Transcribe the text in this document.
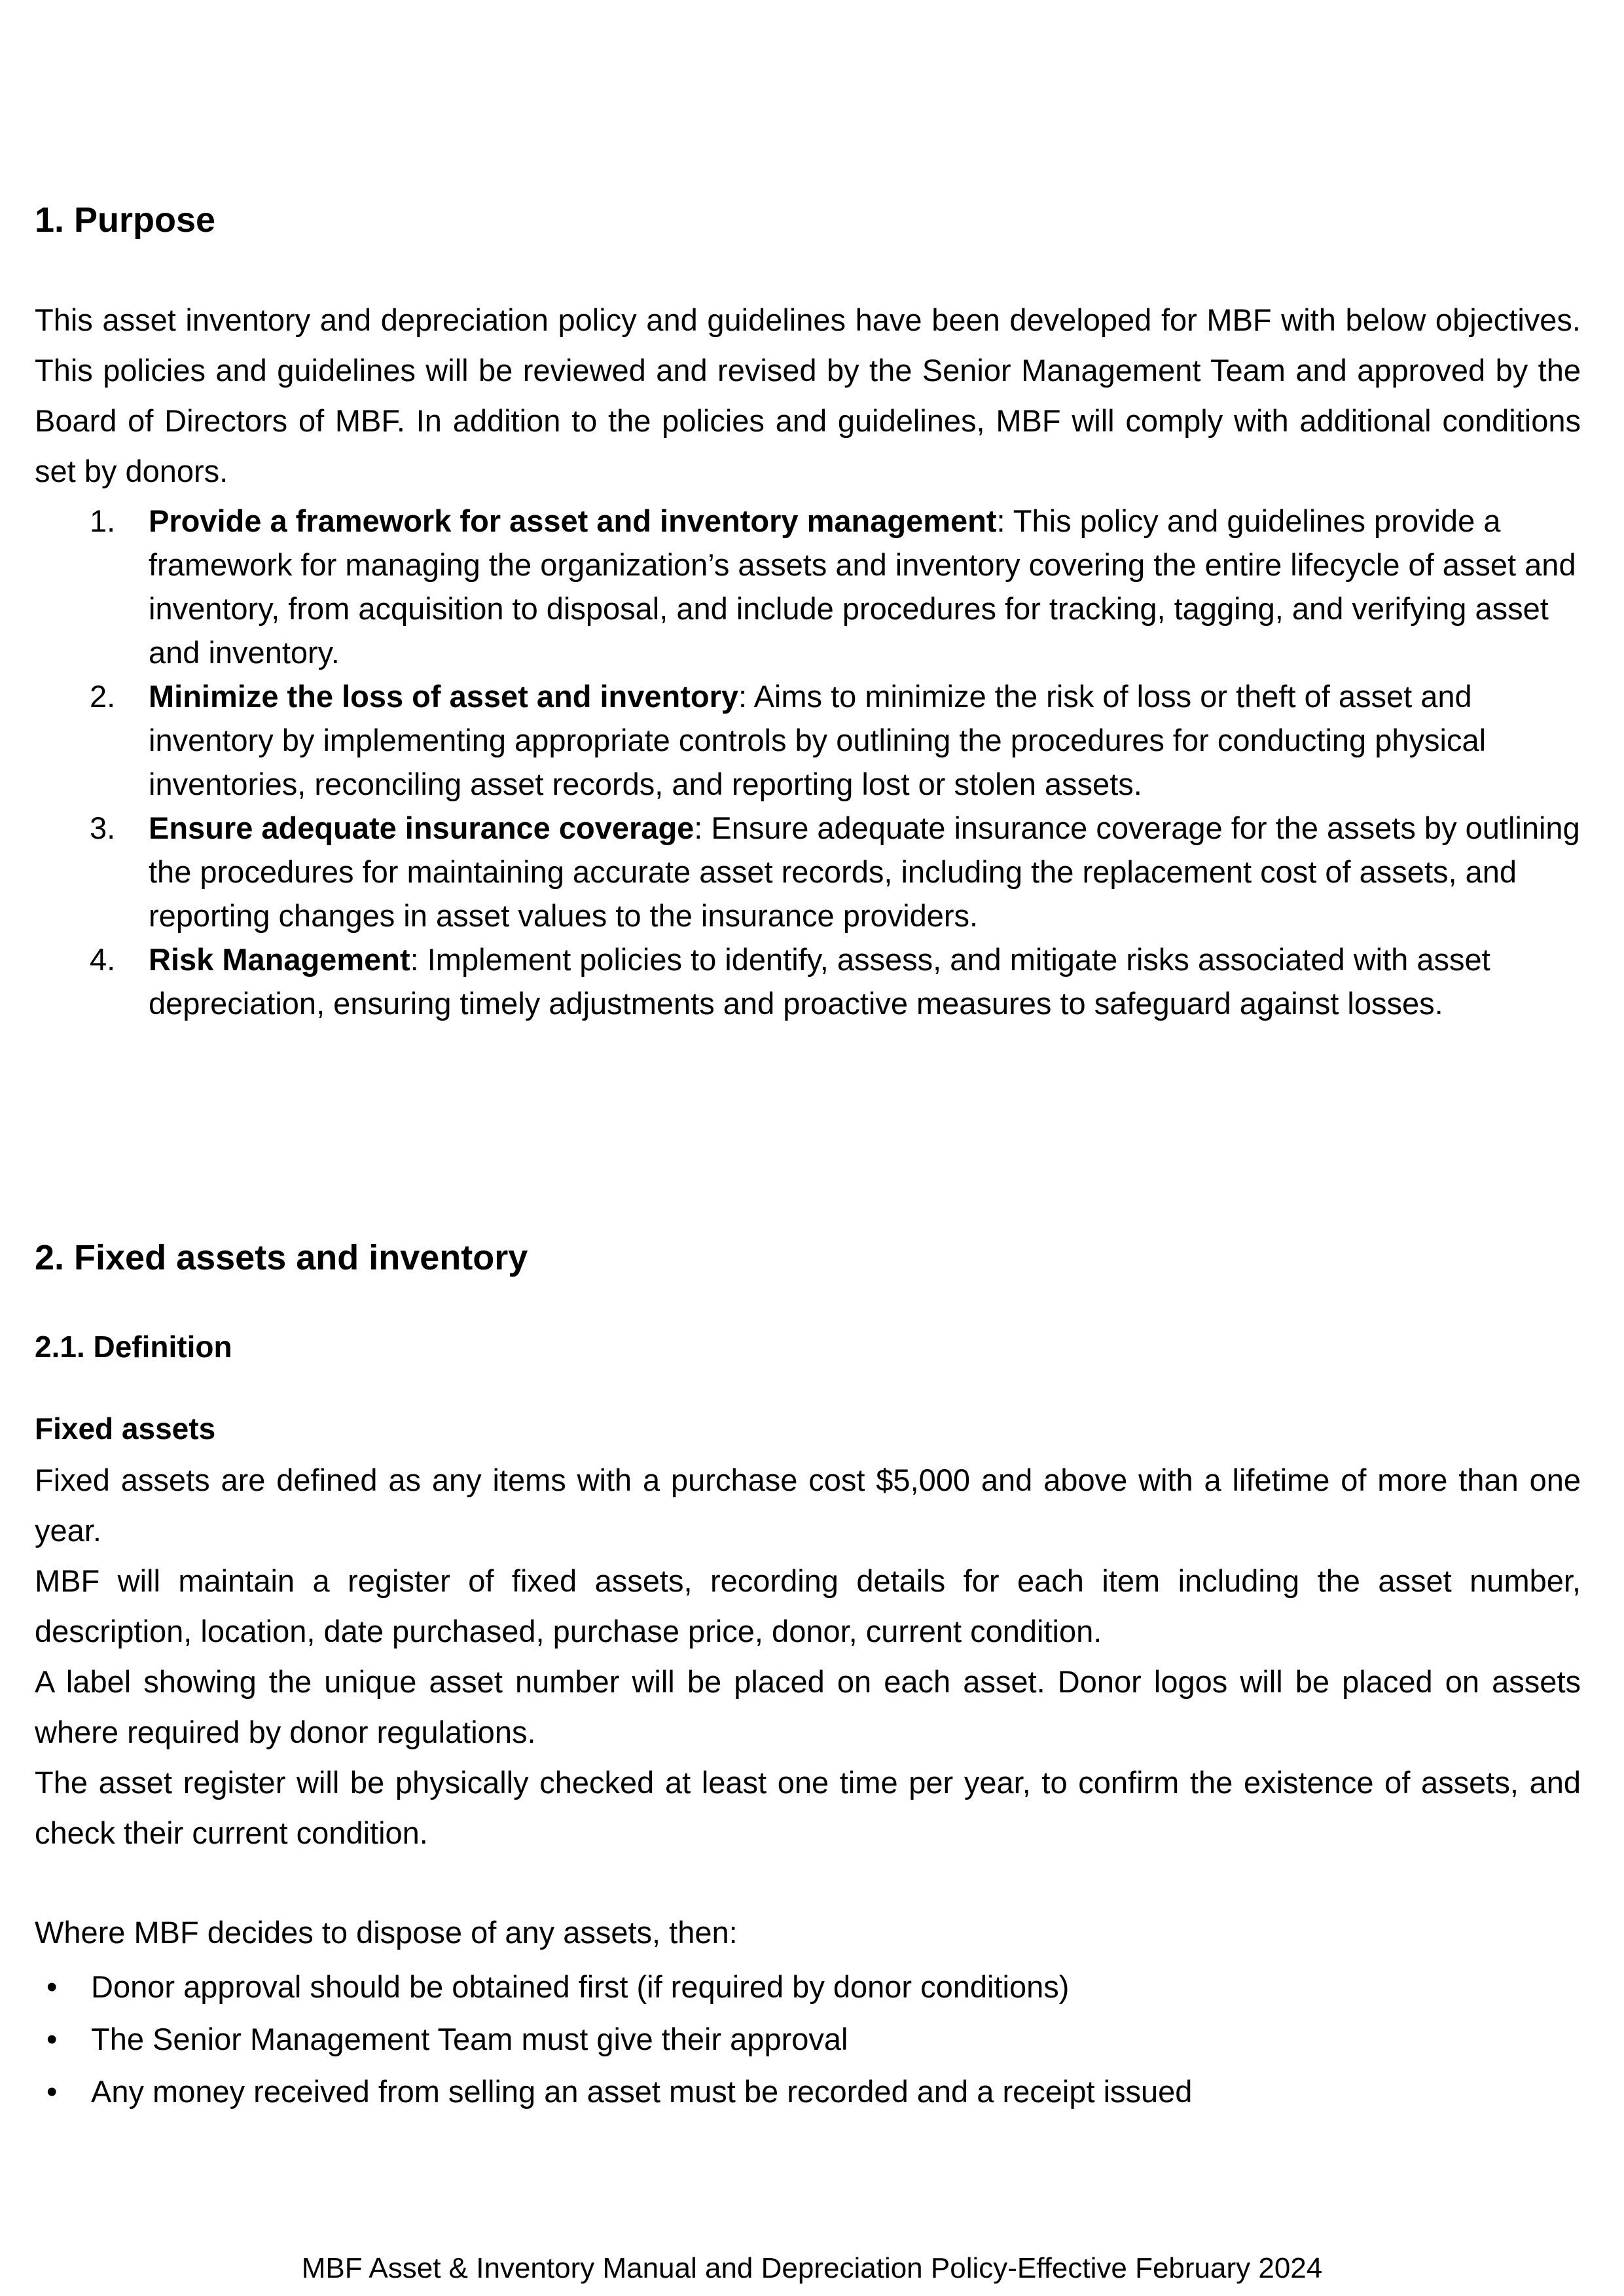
1. Purpose

This asset inventory and depreciation policy and guidelines have been developed for MBF with below objectives. This policies and guidelines will be reviewed and revised by the Senior Management Team and approved by the Board of Directors of MBF. In addition to the policies and guidelines, MBF will comply with additional conditions set by donors.

1. Provide a framework for asset and inventory management: This policy and guidelines provide a framework for managing the organization’s assets and inventory covering the entire lifecycle of asset and inventory, from acquisition to disposal, and include procedures for tracking, tagging, and verifying asset and inventory.
2. Minimize the loss of asset and inventory: Aims to minimize the risk of loss or theft of asset and inventory by implementing appropriate controls by outlining the procedures for conducting physical inventories, reconciling asset records, and reporting lost or stolen assets.
3. Ensure adequate insurance coverage: Ensure adequate insurance coverage for the assets by outlining the procedures for maintaining accurate asset records, including the replacement cost of assets, and reporting changes in asset values to the insurance providers.
4. Risk Management: Implement policies to identify, assess, and mitigate risks associated with asset depreciation, ensuring timely adjustments and proactive measures to safeguard against losses.
2. Fixed assets and inventory
2.1. Definition
Fixed assets

Fixed assets are defined as any items with a purchase cost $5,000 and above with a lifetime of more than one year.

MBF will maintain a register of fixed assets, recording details for each item including the asset number, description, location, date purchased, purchase price, donor, current condition.

A label showing the unique asset number will be placed on each asset. Donor logos will be placed on assets where required by donor regulations.

The asset register will be physically checked at least one time per year, to confirm the existence of assets, and check their current condition.

Where MBF decides to dispose of any assets, then:

• Donor approval should be obtained first (if required by donor conditions)
• The Senior Management Team must give their approval
• Any money received from selling an asset must be recorded and a receipt issued
MBF Asset & Inventory Manual and Depreciation Policy-Effective February 2024
